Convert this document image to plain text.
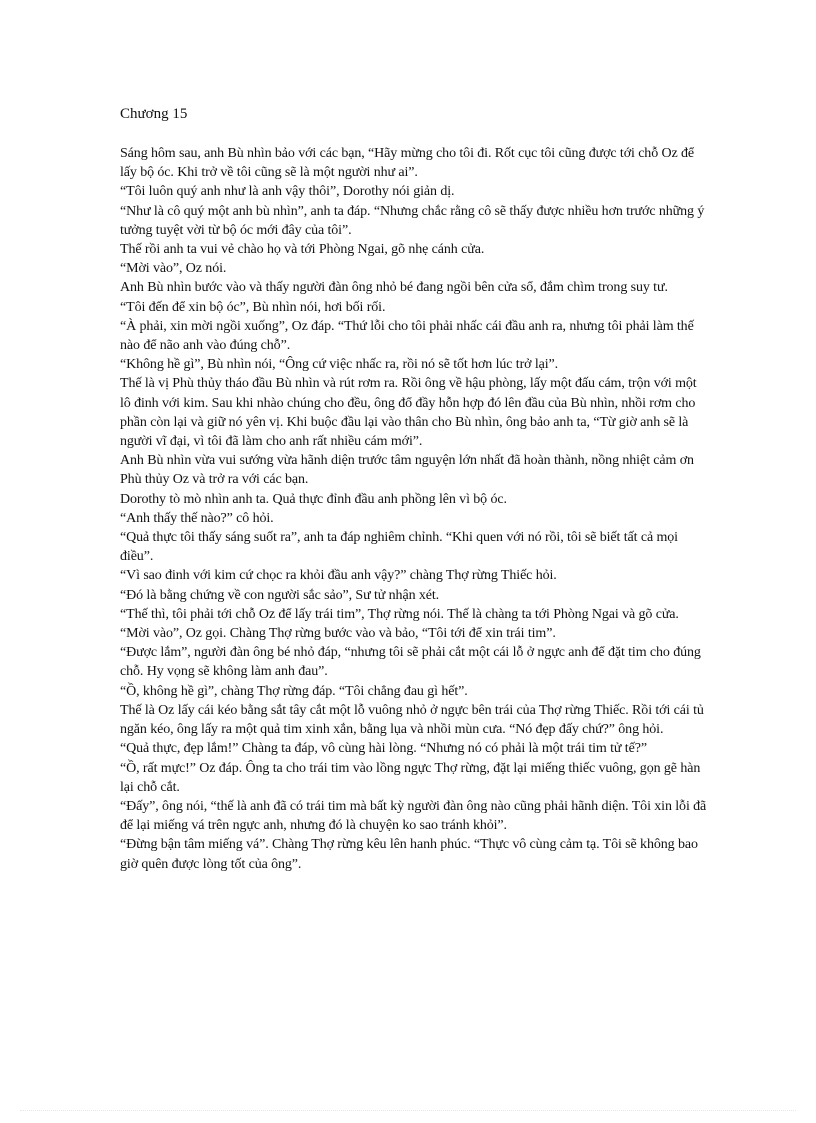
Chương 15

Sáng hôm sau, anh Bù nhìn bảo với các bạn, “Hãy mừng cho tôi đi. Rốt cục tôi cũng được tới chỗ Oz để lấy bộ óc. Khi trở về tôi cũng sẽ là một người như ai”.

“Tôi luôn quý anh như là anh vậy thôi”, Dorothy nói giản dị.

“Như là cô quý một anh bù nhìn”, anh ta đáp. “Nhưng chắc rằng cô sẽ thấy được nhiều hơn trước những ý tưởng tuyệt vời từ bộ óc mới đây của tôi”.

Thế rồi anh ta vui vẻ chào họ và tới Phòng Ngai, gõ nhẹ cánh cửa.

“Mời vào”, Oz nói.

Anh Bù nhìn bước vào và thấy người đàn ông nhỏ bé đang ngồi bên cửa sổ, đắm chìm trong suy tư.

“Tôi đến để xin bộ óc”, Bù nhìn nói, hơi bối rối.

“À phải, xin mời ngồi xuống”, Oz đáp. “Thứ lỗi cho tôi phải nhấc cái đầu anh ra, nhưng tôi phải làm thế nào để não anh vào đúng chỗ”.

“Không hề gì”, Bù nhìn nói, “Ông cứ việc nhấc ra, rồi nó sẽ tốt hơn lúc trở lại”.

Thế là vị Phù thủy tháo đầu Bù nhìn và rút rơm ra. Rồi ông về hậu phòng, lấy một đấu cám, trộn với một lô đinh với kim. Sau khi nhào chúng cho đều, ông đổ đầy hỗn hợp đó lên đầu của Bù nhìn, nhồi rơm cho phần còn lại và giữ nó yên vị. Khi buộc đầu lại vào thân cho Bù nhìn, ông bảo anh ta, “Từ giờ anh sẽ là người vĩ đại, vì tôi đã làm cho anh rất nhiều cám mới”.

Anh Bù nhìn vừa vui sướng vừa hãnh diện trước tâm nguyện lớn nhất đã hoàn thành, nồng nhiệt cảm ơn Phù thủy Oz và trở ra với các bạn.

Dorothy tò mò nhìn anh ta. Quả thực đỉnh đầu anh phồng lên vì bộ óc.

“Anh thấy thế nào?” cô hỏi.

“Quả thực tôi thấy sáng suốt ra”, anh ta đáp nghiêm chỉnh. “Khi quen với nó rồi, tôi sẽ biết tất cả mọi điều”.

“Vì sao đinh với kim cứ chọc ra khỏi đầu anh vậy?” chàng Thợ rừng Thiếc hỏi.

“Đó là bằng chứng về con người sắc sảo”, Sư tử nhận xét.

“Thế thì, tôi phải tới chỗ Oz để lấy trái tim”, Thợ rừng nói. Thế là chàng ta tới Phòng Ngai và gõ cửa.

“Mời vào”, Oz gọi. Chàng Thợ rừng bước vào và bảo, “Tôi tới để xin trái tim”.

“Được lắm”, người đàn ông bé nhỏ đáp, “nhưng tôi sẽ phải cắt một cái lỗ ở ngực anh để đặt tim cho đúng chỗ. Hy vọng sẽ không làm anh đau”.

“Ồ, không hề gì”, chàng Thợ rừng đáp. “Tôi chẳng đau gì hết”.

Thế là Oz lấy cái kéo bằng sắt tây cắt một lỗ vuông nhỏ ở ngực bên trái của Thợ rừng Thiếc. Rồi tới cái tủ ngăn kéo, ông lấy ra một quả tim xinh xắn, bằng lụa và nhồi mùn cưa. “Nó đẹp đấy chứ?” ông hỏi.

“Quả thực, đẹp lắm!” Chàng ta đáp, vô cùng hài lòng. “Nhưng nó có phải là một trái tim tử tế?”

“Ồ, rất mực!” Oz đáp. Ông ta cho trái tim vào lồng ngực Thợ rừng, đặt lại miếng thiếc vuông, gọn gẽ hàn lại chỗ cắt.

“Đấy”, ông nói, “thế là anh đã có trái tim mà bất kỳ người đàn ông nào cũng phải hãnh diện. Tôi xin lỗi đã để lại miếng vá trên ngực anh, nhưng đó là chuyện ko sao tránh khỏi”.

“Đừng bận tâm miếng vá”. Chàng Thợ rừng kêu lên hanh phúc. “Thực vô cùng cảm tạ. Tôi sẽ không bao giờ quên được lòng tốt của ông”.
